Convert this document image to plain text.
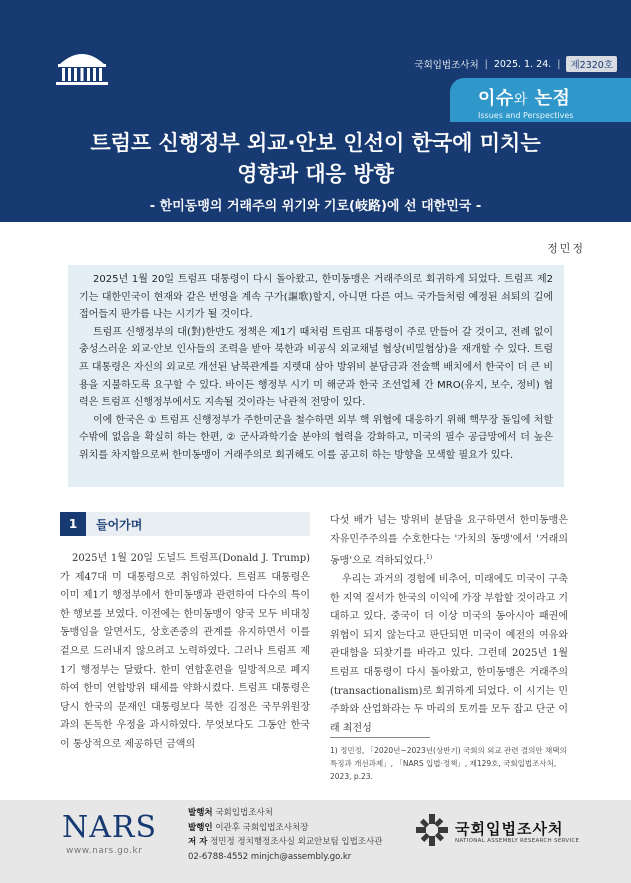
국회입법조사처 | 2025. 1. 24. |	제2320호
이슈와 논점
Issues and Perspectives
트럼프 신행정부 외교·안보 인선이 한국에 미치는
영향과 대응 방향
- 한미동맹의 거래주의 위기와 기로(岐路)에 선 대한민국 -
정민정

2025년 1월 20일 트럼프 대통령이 다시 돌아왔고, 한미동맹은 거래주의로 회귀하게 되었다. 트럼프 제2기는 대한민국이 현재와 같은 번영을 계속 구가(謳歌)할지, 아니면 다른 여느 국가들처럼 예정된 쇠퇴의 길에 접어들지 판가름 나는 시기가 될 것이다.

트럼프 신행정부의 대(對)한반도 정책은 제1기 때처럼 트럼프 대통령이 주로 만들어 갈 것이고, 전례 없이 충성스러운 외교·안보 인사들의 조력을 받아 북한과 비공식 외교채널 협상(비밀협상)을 재개할 수 있다. 트럼프 대통령은 자신의 외교로 개선된 남북관계를 지렛대 삼아 방위비 분담금과 전술핵 배치에서 한국이 더 큰 비용을 지불하도록 요구할 수 있다. 바이든 행정부 시기 미 해군과 한국 조선업체 간 MRO(유지, 보수, 정비) 협력은 트럼프 신행정부에서도 지속될 것이라는 낙관적 전망이 있다.

이에 한국은 ① 트럼프 신행정부가 주한미군을 철수하면 외부 핵 위협에 대응하기 위해 핵무장 돌입에 처할 수밖에 없음을 확실히 하는 한편, ② 군사과학기술 분야의 협력을 강화하고, 미국의 필수 공급망에서 더 높은 위치를 차지함으로써 한미동맹이 거래주의로 회귀해도 이를 공고히 하는 방향을 모색할 필요가 있다.

1	들어가며

2025년 1월 20일 도널드 트럼프(Donald J. Trump)가 제47대 미 대통령으로 취임하였다. 트럼프 대통령은 이미 제1기 행정부에서 한미동맹과 관련하여 다수의 특이한 행보를 보였다. 이전에는 한미동맹이 양국 모두 비대칭 동맹임을 알면서도, 상호존중의 관계를 유지하면서 이를 겉으로 드러내지 않으려고 노력하였다. 그러나 트럼프 제1기 행정부는 달랐다. 한미 연합훈련을 일방적으로 폐지하여 한미 연합방위 태세를 약화시켰다. 트럼프 대통령은 당시 한국의 문재인 대통령보다 북한 김정은 국무위원장과의 돈독한 우정을 과시하였다. 무엇보다도 그동안 한국이 통상적으로 제공하던 금액의

다섯 배가 넘는 방위비 분담을 요구하면서 한미동맹은 자유민주주의를 수호한다는 '가치의 동맹'에서 '거래의 동맹'으로 격하되었다.$^{1)}$

우리는 과거의 경험에 비추어, 미래에도 미국이 구축한 지역 질서가 한국의 이익에 가장 부합할 것이라고 기대하고 있다. 중국이 더 이상 미국의 동아시아 패권에 위협이 되지 않는다고 판단되면 미국이 예전의 여유와 관대함을 되찾기를 바라고 있다. 그런데 2025년 1월 트럼프 대통령이 다시 돌아왔고, 한미동맹은 거래주의(transactionalism)로 회귀하게 되었다. 이 시기는 민주화와 산업화라는 두 마리의 토끼를 모두 잡고 단군 이래 최전성

1) 정민정, 「2020년~2023년(상반기) 국회의 외교 관련 결의안 채택의 특징과 개선과제」, 「NARS 입법·정책」, 제129호, 국회입법조사처, 2023, p.23.
NARS
www.nars.go.kr
발행처 국회입법조사처
발행인 이관후 국회입법조사처장
저 자 정민정 정치행정조사실 외교안보팀 입법조사관
02-6788-4552 minjch@assembly.go.kr
국회입법조사처
NATIONAL ASSEMBLY RESEARCH SERVICE
